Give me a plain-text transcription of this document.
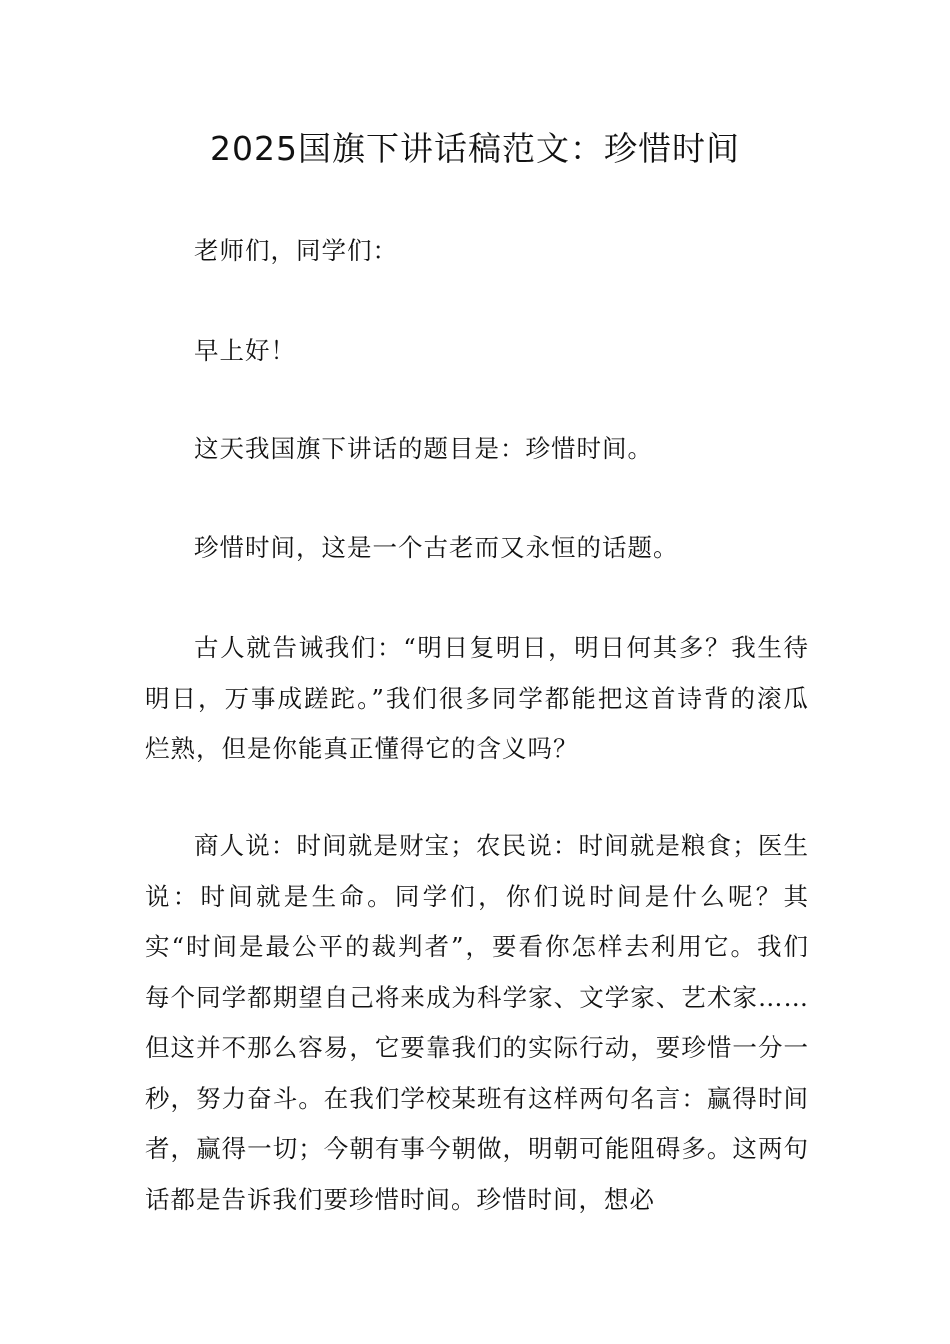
2025国旗下讲话稿范文：珍惜时间

老师们，同学们：

早上好！

这天我国旗下讲话的题目是：珍惜时间。

珍惜时间，这是一个古老而又永恒的话题。

古人就告诫我们：“明日复明日，明日何其多？我生待明日，万事成蹉跎。”我们很多同学都能把这首诗背的滚瓜烂熟，但是你能真正懂得它的含义吗？

商人说：时间就是财宝；农民说：时间就是粮食；医生说：时间就是生命。同学们，你们说时间是什么呢？其实“时间是最公平的裁判者”，要看你怎样去利用它。我们每个同学都期望自己将来成为科学家、文学家、艺术家……但这并不那么容易，它要靠我们的实际行动，要珍惜一分一秒，努力奋斗。在我们学校某班有这样两句名言：赢得时间者，赢得一切；今朝有事今朝做，明朝可能阻碍多。这两句话都是告诉我们要珍惜时间。珍惜时间，想必
